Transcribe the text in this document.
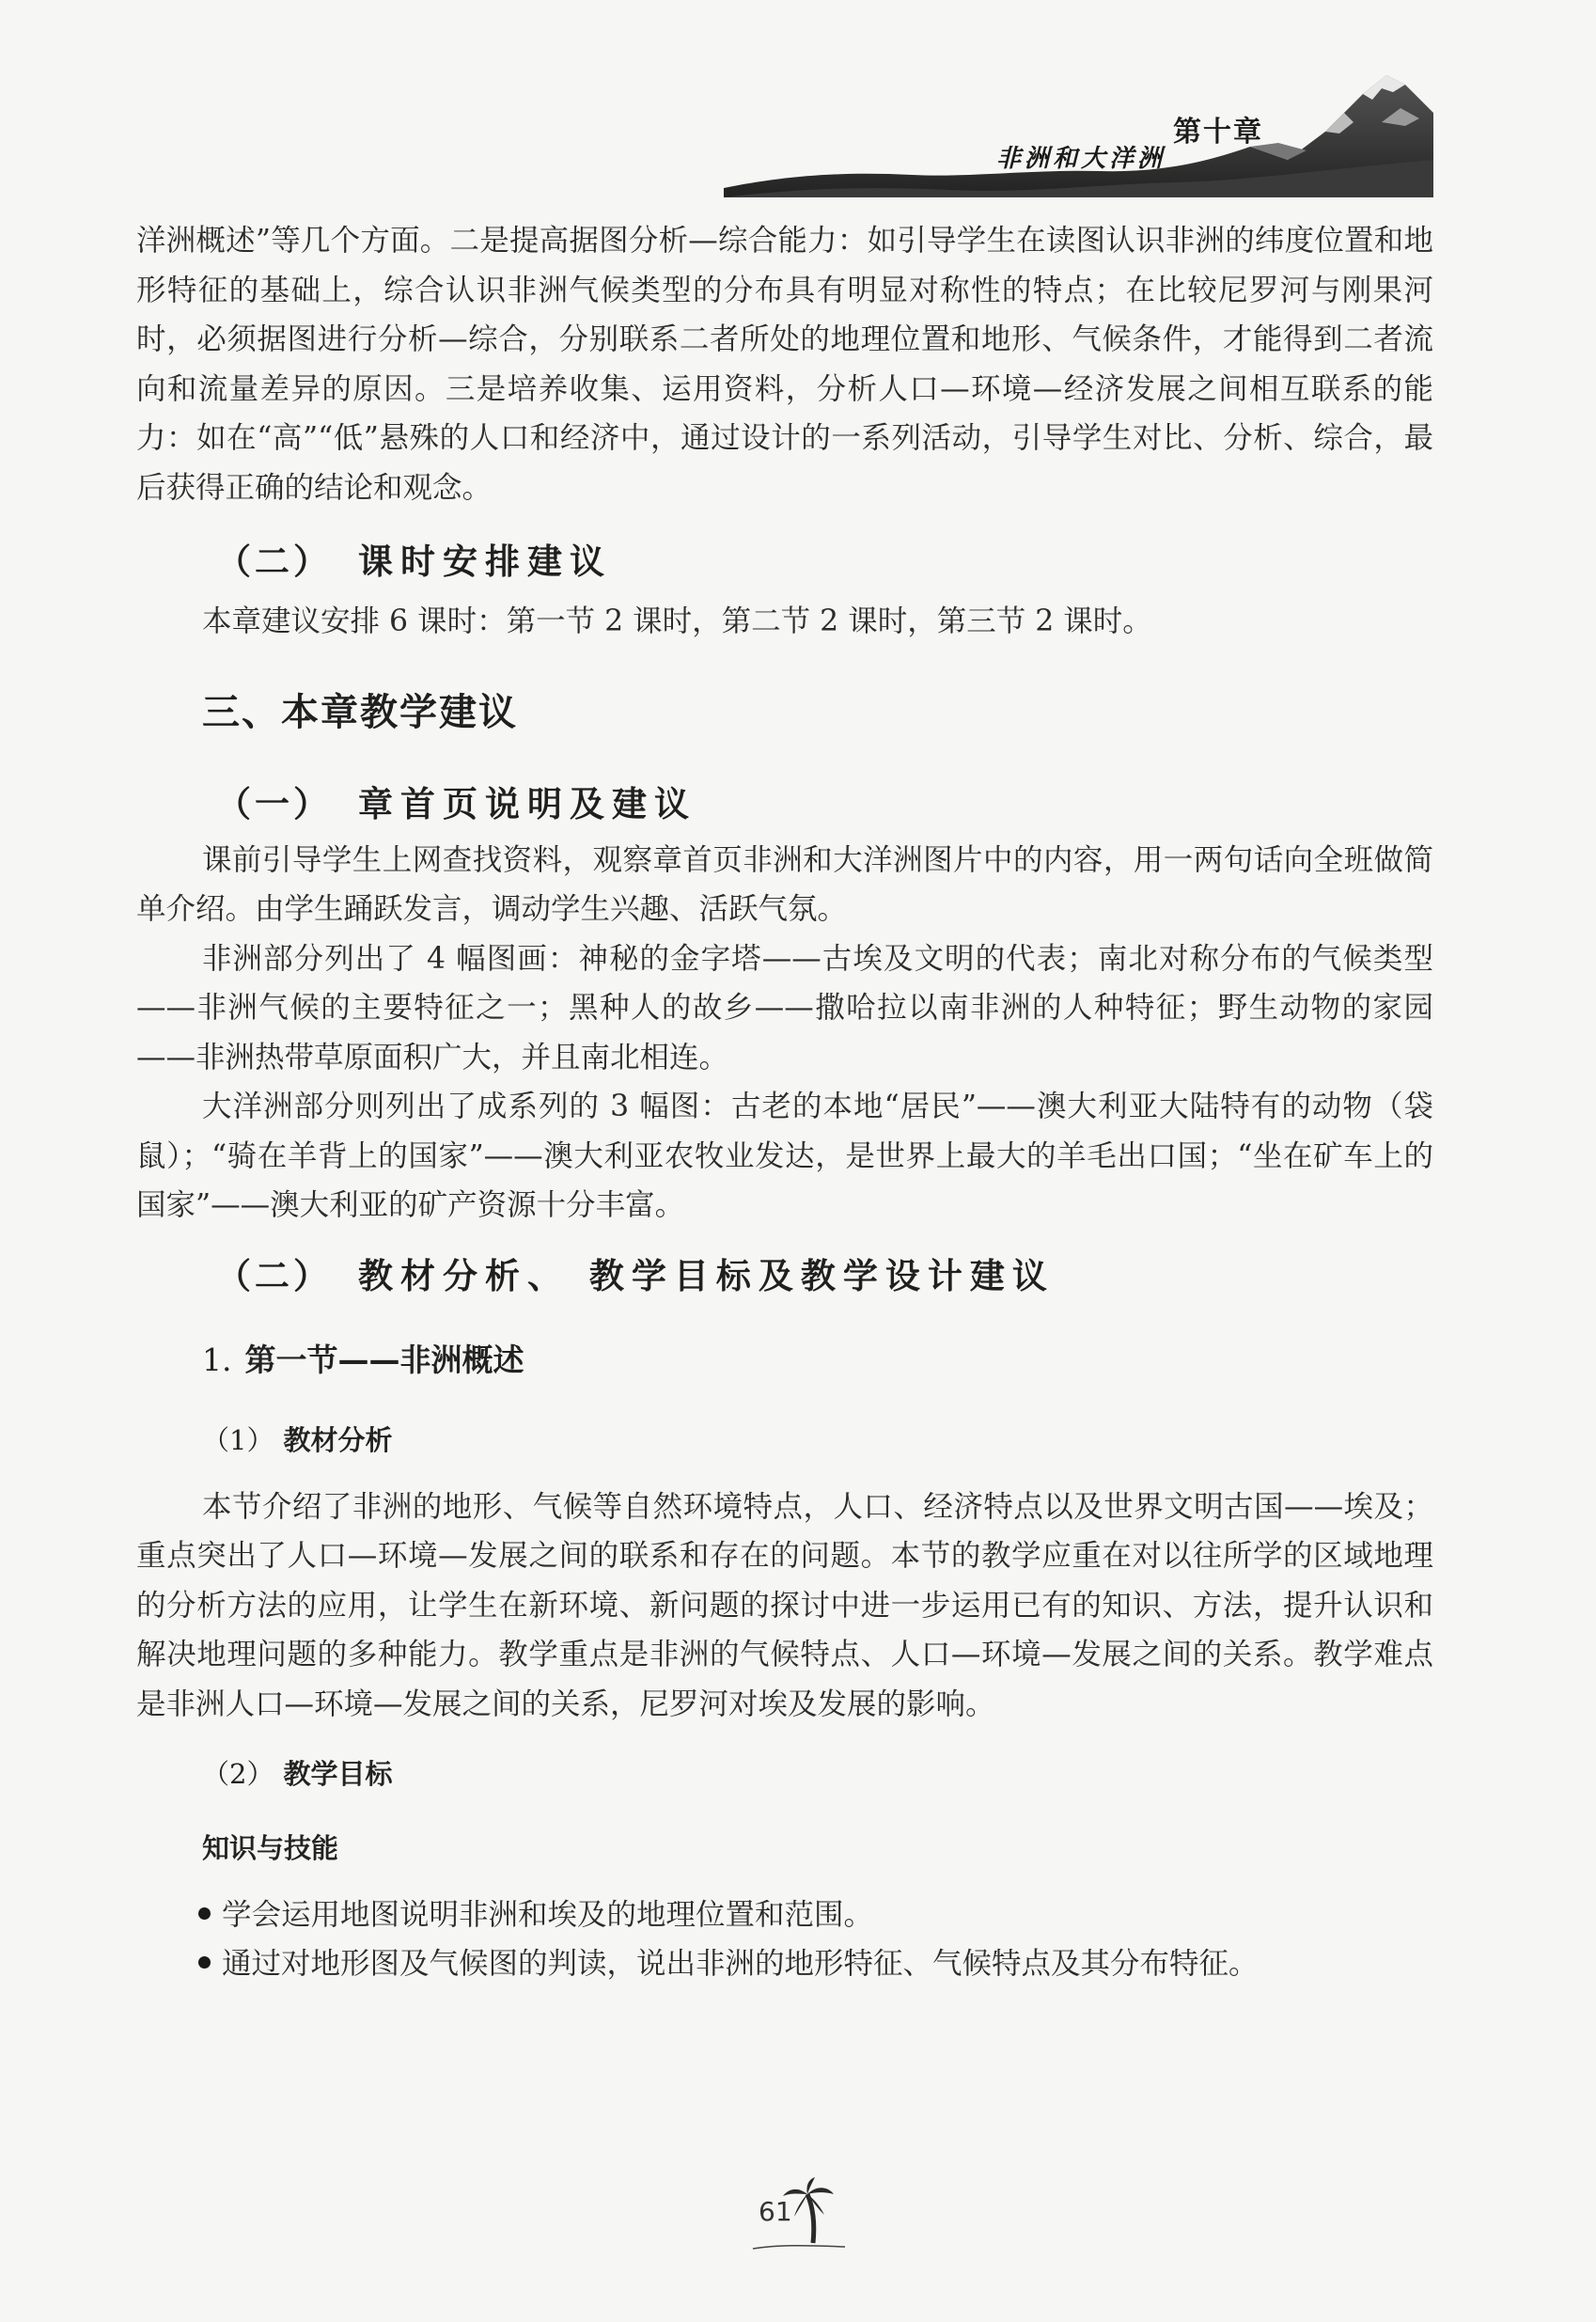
第十章
非洲和大洋洲

洋洲概述”等几个方面。二是提高据图分析—综合能力：如引导学生在读图认识非洲的纬度位置和地形特征的基础上，综合认识非洲气候类型的分布具有明显对称性的特点；在比较尼罗河与刚果河时，必须据图进行分析—综合，分别联系二者所处的地理位置和地形、气候条件，才能得到二者流向和流量差异的原因。三是培养收集、运用资料，分析人口—环境—经济发展之间相互联系的能力：如在“高”“低”悬殊的人口和经济中，通过设计的一系列活动，引导学生对比、分析、综合，最后获得正确的结论和观念。

（二） 课时安排建议

本章建议安排 6 课时：第一节 2 课时，第二节 2 课时，第三节 2 课时。

三、本章教学建议
（一） 章首页说明及建议

课前引导学生上网查找资料，观察章首页非洲和大洋洲图片中的内容，用一两句话向全班做简单介绍。由学生踊跃发言，调动学生兴趣、活跃气氛。

非洲部分列出了 4 幅图画：神秘的金字塔——古埃及文明的代表；南北对称分布的气候类型——非洲气候的主要特征之一；黑种人的故乡——撒哈拉以南非洲的人种特征；野生动物的家园——非洲热带草原面积广大，并且南北相连。

大洋洲部分则列出了成系列的 3 幅图：古老的本地“居民”——澳大利亚大陆特有的动物（袋鼠）；“骑在羊背上的国家”——澳大利亚农牧业发达，是世界上最大的羊毛出口国；“坐在矿车上的国家”——澳大利亚的矿产资源十分丰富。

（二） 教材分析、 教学目标及教学设计建议
1. 第一节——非洲概述
（1） 教材分析

本节介绍了非洲的地形、气候等自然环境特点，人口、经济特点以及世界文明古国——埃及；重点突出了人口—环境—发展之间的联系和存在的问题。本节的教学应重在对以往所学的区域地理的分析方法的应用，让学生在新环境、新问题的探讨中进一步运用已有的知识、方法，提升认识和解决地理问题的多种能力。教学重点是非洲的气候特点、人口—环境—发展之间的关系。教学难点是非洲人口—环境—发展之间的关系，尼罗河对埃及发展的影响。

（2） 教学目标
知识与技能

学会运用地图说明非洲和埃及的地理位置和范围。

通过对地形图及气候图的判读，说出非洲的地形特征、气候特点及其分布特征。

61
